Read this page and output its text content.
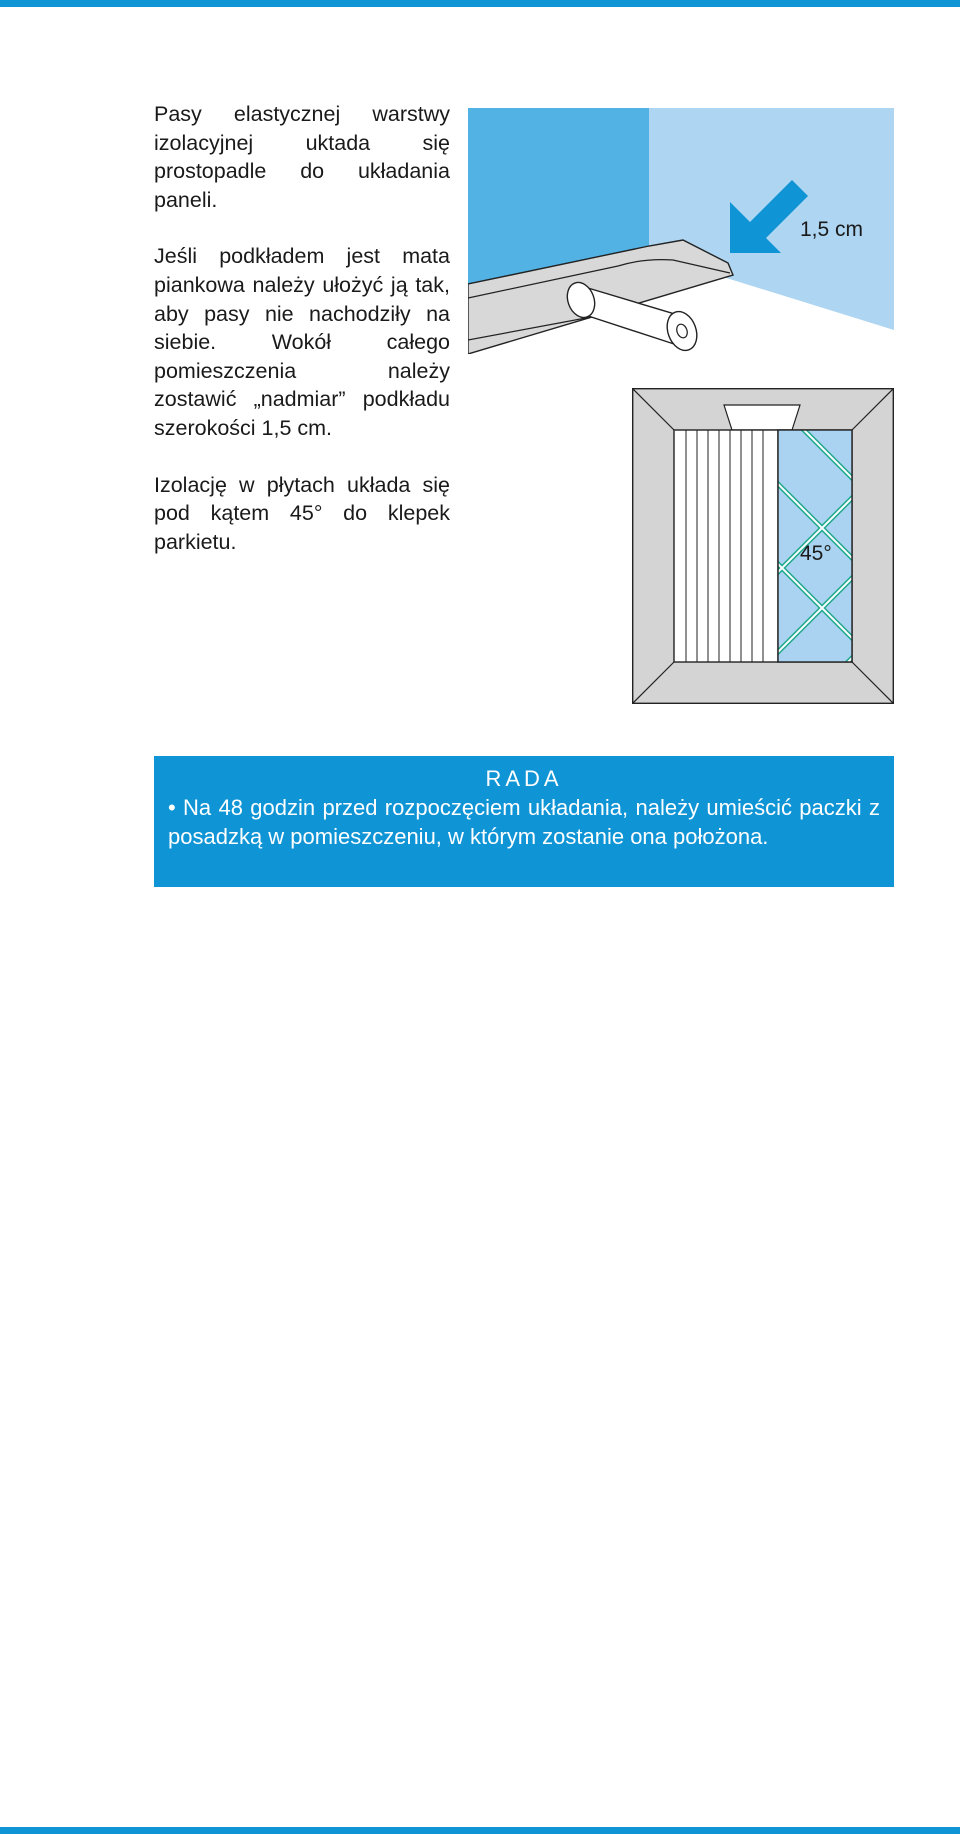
Pasy elastycznej warstwy izolacyjnej uktada się prostopadle do układania paneli.

Jeśli podkładem jest mata piankowa należy ułożyć ją tak, aby pasy nie nachodziły na siebie. Wokół całego pomieszczenia należy zostawić „nadmiar” podkładu szerokości 1,5 cm.

Izolację w płytach układa się pod kątem 45° do klepek parkietu.

1,5 cm
45°
RADA
• Na 48 godzin przed rozpoczęciem układania, należy umieścić paczki z posadzką w pomieszczeniu, w którym zostanie ona położona.
